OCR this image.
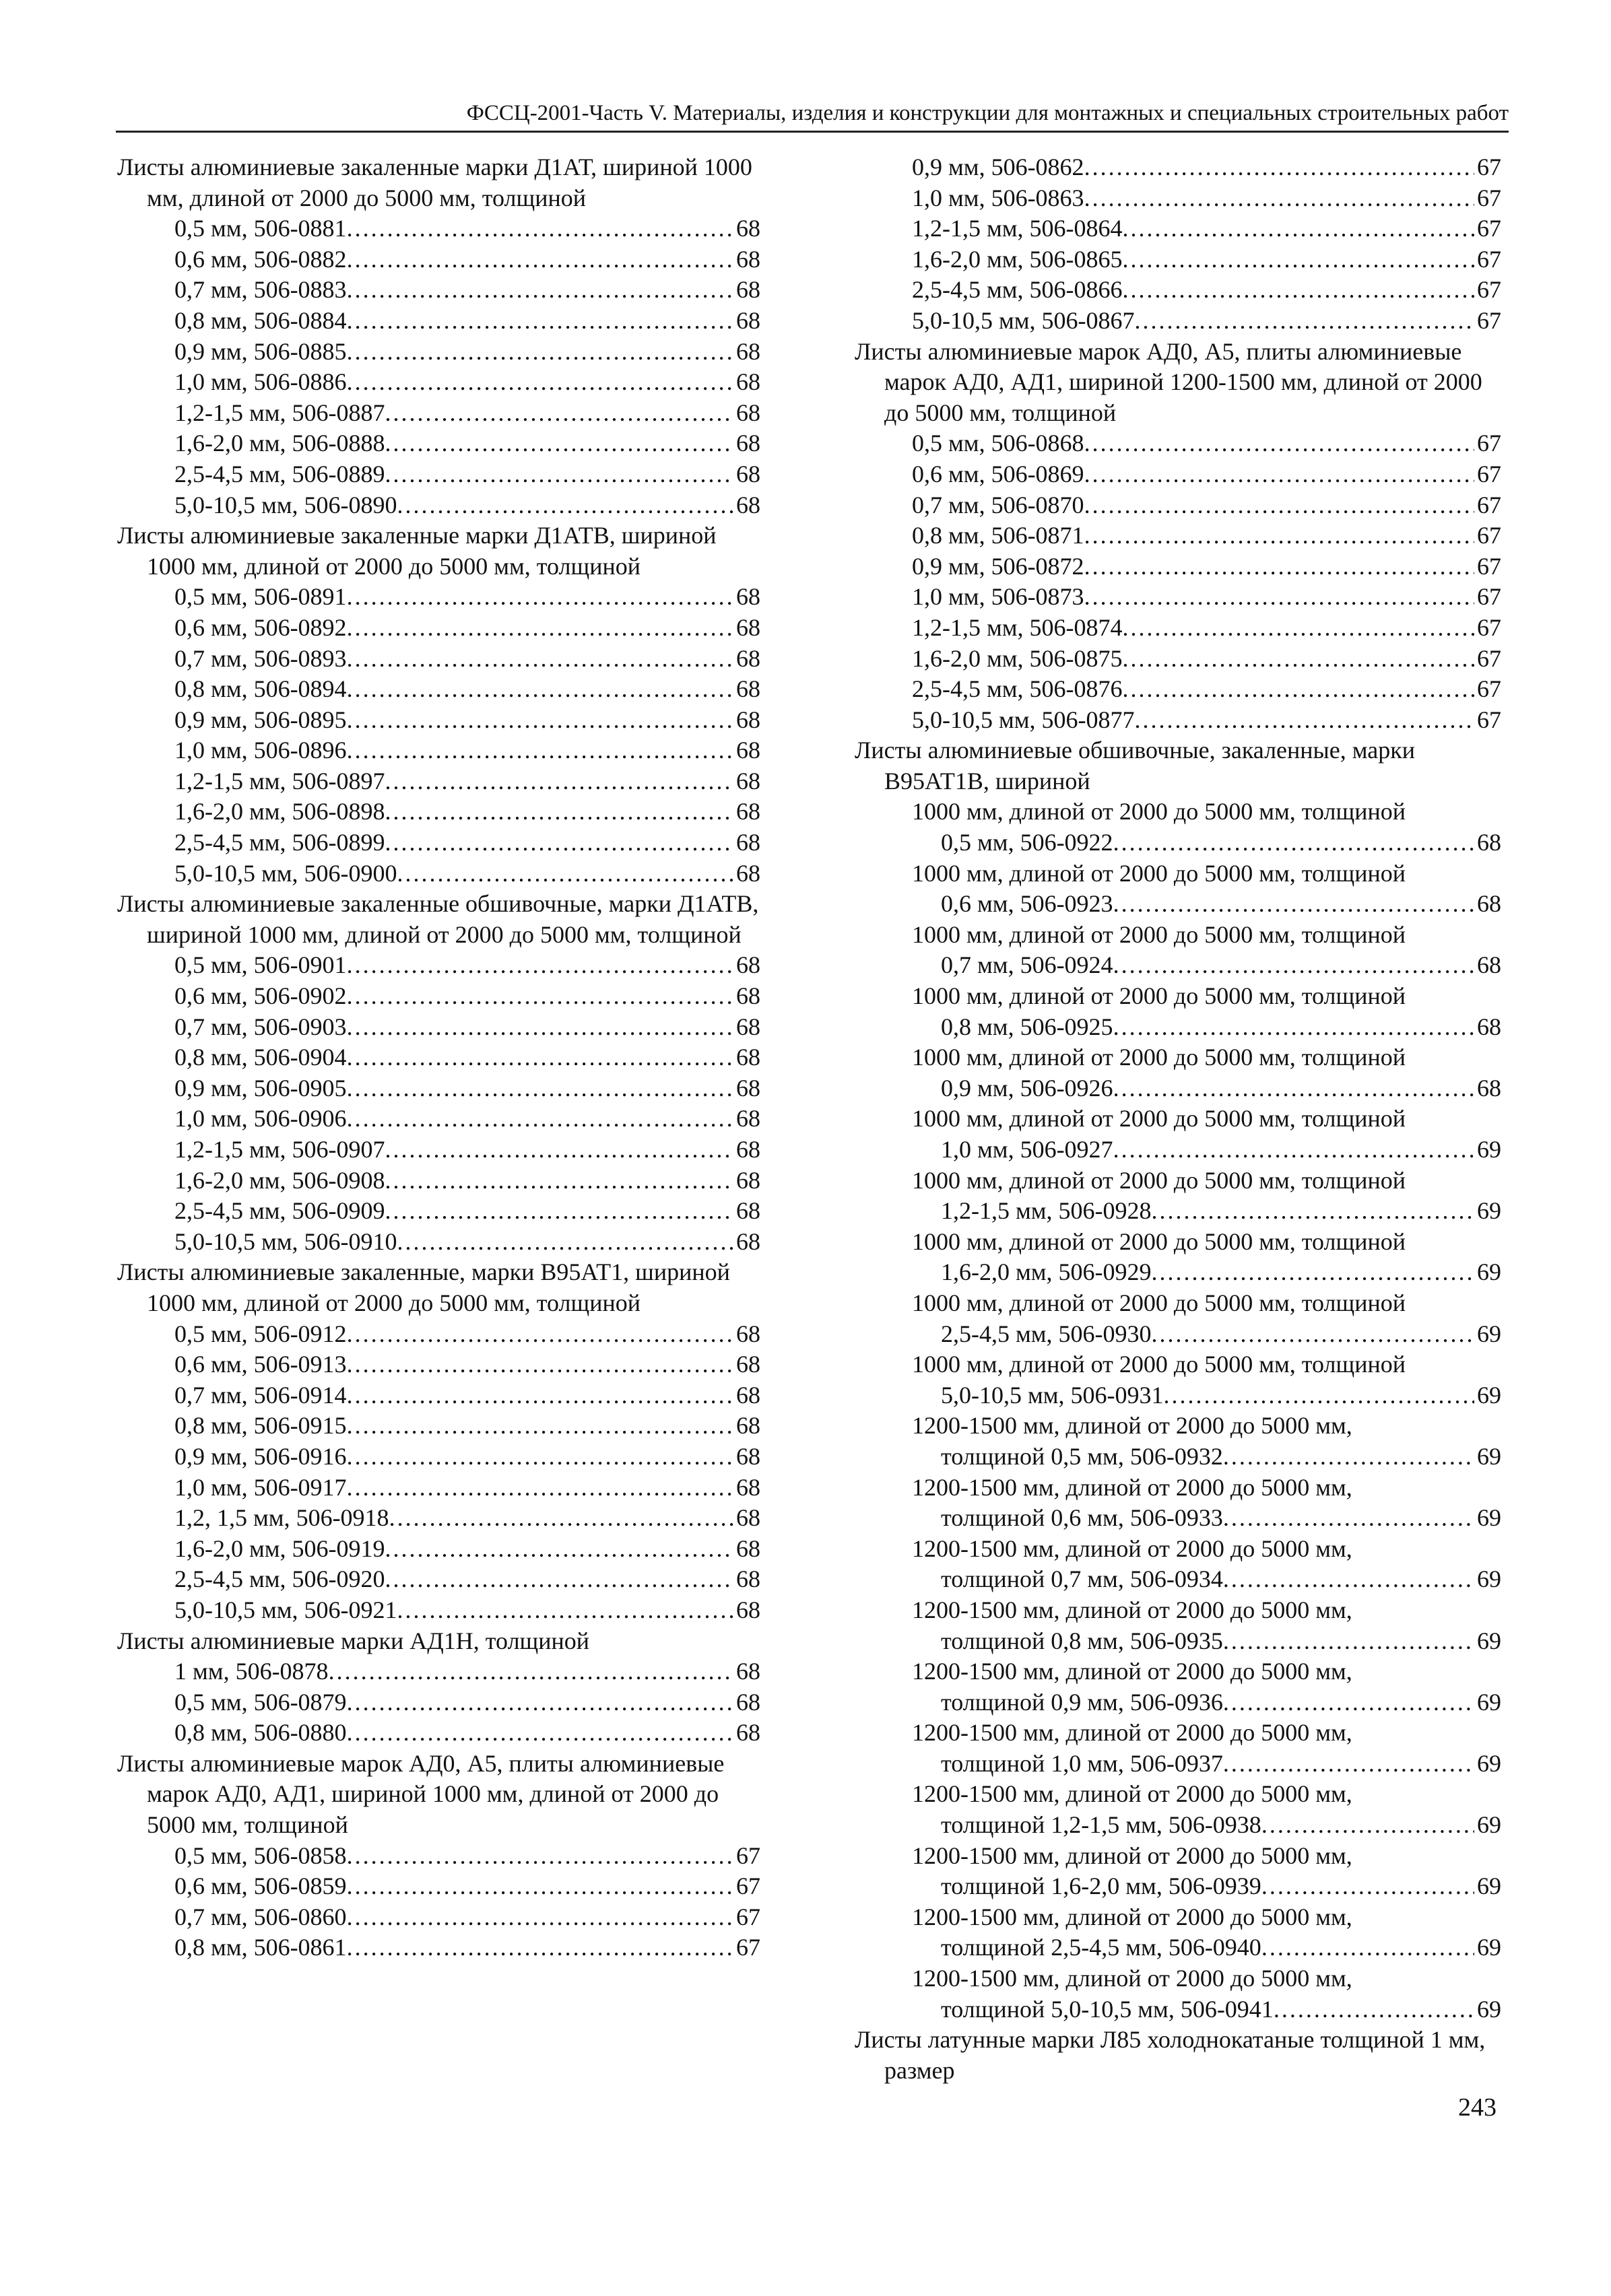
ФССЦ-2001-Часть V. Материалы, изделия и конструкции для монтажных и специальных строительных работ
Листы алюминиевые закаленные марки Д1АТ, шириной 1000 мм, длиной от 2000 до 5000 мм, толщиной
0,5 мм, 506-0881 . . .	68
0,6 мм, 506-0882 . . .	68
0,7 мм, 506-0883 . . .	68
0,8 мм, 506-0884 . . .	68
0,9 мм, 506-0885 . . .	68
1,0 мм, 506-0886 . . .	68
1,2-1,5 мм, 506-0887 . . .	68
1,6-2,0 мм, 506-0888 . . .	68
2,5-4,5 мм, 506-0889 . . .	68
5,0-10,5 мм, 506-0890 . . .	68
Листы алюминиевые закаленные марки Д1АТВ, шириной 1000 мм, длиной от 2000 до 5000 мм, толщиной
0,5 мм, 506-0891 . . .	68
0,6 мм, 506-0892 . . .	68
0,7 мм, 506-0893 . . .	68
0,8 мм, 506-0894 . . .	68
0,9 мм, 506-0895 . . .	68
1,0 мм, 506-0896 . . .	68
1,2-1,5 мм, 506-0897 . . .	68
1,6-2,0 мм, 506-0898 . . .	68
2,5-4,5 мм, 506-0899 . . .	68
5,0-10,5 мм, 506-0900 . . .	68
Листы алюминиевые закаленные обшивочные, марки Д1АТВ, шириной 1000 мм, длиной от 2000 до 5000 мм, толщиной
0,5 мм, 506-0901 . . .	68
0,6 мм, 506-0902 . . .	68
0,7 мм, 506-0903 . . .	68
0,8 мм, 506-0904 . . .	68
0,9 мм, 506-0905 . . .	68
1,0 мм, 506-0906 . . .	68
1,2-1,5 мм, 506-0907 . . .	68
1,6-2,0 мм, 506-0908 . . .	68
2,5-4,5 мм, 506-0909 . . .	68
5,0-10,5 мм, 506-0910 . . .	68
Листы алюминиевые закаленные, марки В95АТ1, шириной 1000 мм, длиной от 2000 до 5000 мм, толщиной
0,5 мм, 506-0912 . . .	68
0,6 мм, 506-0913 . . .	68
0,7 мм, 506-0914 . . .	68
0,8 мм, 506-0915 . . .	68
0,9 мм, 506-0916 . . .	68
1,0 мм, 506-0917 . . .	68
1,2, 1,5 мм, 506-0918 . . .	68
1,6-2,0 мм, 506-0919 . . .	68
2,5-4,5 мм, 506-0920 . . .	68
5,0-10,5 мм, 506-0921 . . .	68
Листы алюминиевые марки АД1Н, толщиной
1 мм, 506-0878 . . .	68
0,5 мм, 506-0879 . . .	68
0,8 мм, 506-0880 . . .	68
Листы алюминиевые марок АД0, А5, плиты алюминиевые марок АД0, АД1, шириной 1000 мм, длиной от 2000 до 5000 мм, толщиной
0,5 мм, 506-0858 . . .	67
0,6 мм, 506-0859 . . .	67
0,7 мм, 506-0860 . . .	67
0,8 мм, 506-0861 . . .	67
0,9 мм, 506-0862 . . .	67
1,0 мм, 506-0863 . . .	67
1,2-1,5 мм, 506-0864 . . .	67
1,6-2,0 мм, 506-0865 . . .	67
2,5-4,5 мм, 506-0866 . . .	67
5,0-10,5 мм, 506-0867 . . .	67
Листы алюминиевые марок АД0, А5, плиты алюминиевые марок АД0, АД1, шириной 1200-1500 мм, длиной от 2000 до 5000 мм, толщиной
0,5 мм, 506-0868 . . .	67
0,6 мм, 506-0869 . . .	67
0,7 мм, 506-0870 . . .	67
0,8 мм, 506-0871 . . .	67
0,9 мм, 506-0872 . . .	67
1,0 мм, 506-0873 . . .	67
1,2-1,5 мм, 506-0874 . . .	67
1,6-2,0 мм, 506-0875 . . .	67
2,5-4,5 мм, 506-0876 . . .	67
5,0-10,5 мм, 506-0877 . . .	67
Листы алюминиевые обшивочные, закаленные, марки В95АТ1В, шириной
1000 мм, длиной от 2000 до 5000 мм, толщиной
0,5 мм, 506-0922 . . .	68
1000 мм, длиной от 2000 до 5000 мм, толщиной
0,6 мм, 506-0923 . . .	68
1000 мм, длиной от 2000 до 5000 мм, толщиной
0,7 мм, 506-0924 . . .	68
1000 мм, длиной от 2000 до 5000 мм, толщиной
0,8 мм, 506-0925 . . .	68
1000 мм, длиной от 2000 до 5000 мм, толщиной
0,9 мм, 506-0926 . . .	68
1000 мм, длиной от 2000 до 5000 мм, толщиной
1,0 мм, 506-0927 . . .	69
1000 мм, длиной от 2000 до 5000 мм, толщиной
1,2-1,5 мм, 506-0928 . . .	69
1000 мм, длиной от 2000 до 5000 мм, толщиной
1,6-2,0 мм, 506-0929 . . .	69
1000 мм, длиной от 2000 до 5000 мм, толщиной
2,5-4,5 мм, 506-0930 . . .	69
1000 мм, длиной от 2000 до 5000 мм, толщиной
5,0-10,5 мм, 506-0931 . . .	69
1200-1500 мм, длиной от 2000 до 5000 мм,
толщиной 0,5 мм, 506-0932 . . .	69
1200-1500 мм, длиной от 2000 до 5000 мм,
толщиной 0,6 мм, 506-0933 . . .	69
1200-1500 мм, длиной от 2000 до 5000 мм,
толщиной 0,7 мм, 506-0934 . . .	69
1200-1500 мм, длиной от 2000 до 5000 мм,
толщиной 0,8 мм, 506-0935 . . .	69
1200-1500 мм, длиной от 2000 до 5000 мм,
толщиной 0,9 мм, 506-0936 . . .	69
1200-1500 мм, длиной от 2000 до 5000 мм,
толщиной 1,0 мм, 506-0937 . . .	69
1200-1500 мм, длиной от 2000 до 5000 мм,
толщиной 1,2-1,5 мм, 506-0938 . . .	69
1200-1500 мм, длиной от 2000 до 5000 мм,
толщиной 1,6-2,0 мм, 506-0939 . . .	69
1200-1500 мм, длиной от 2000 до 5000 мм,
толщиной 2,5-4,5 мм, 506-0940 . . .	69
1200-1500 мм, длиной от 2000 до 5000 мм,
толщиной 5,0-10,5 мм, 506-0941 . . .	69
Листы латунные марки Л85 холоднокатаные толщиной 1 мм, размер
243
